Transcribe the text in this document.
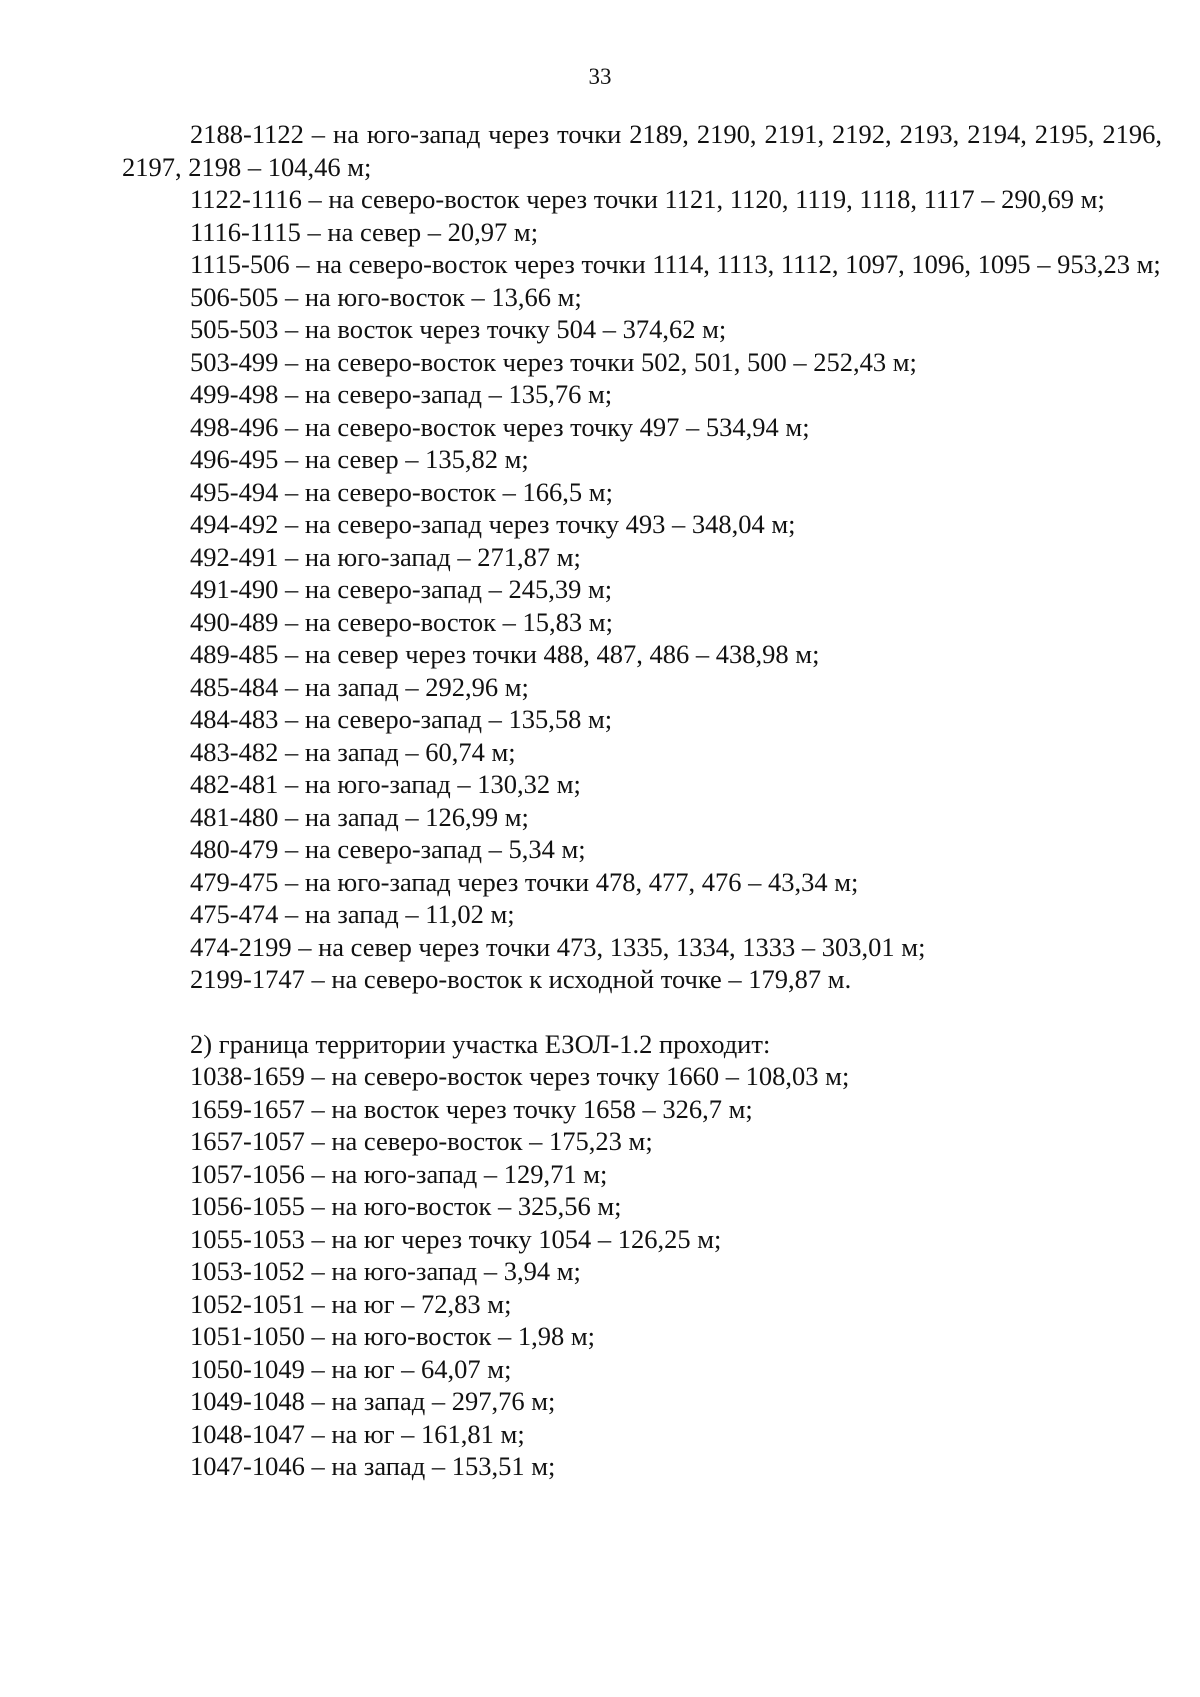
33

2188-1122 – на юго-запад через точки 2189, 2190, 2191, 2192, 2193, 2194, 2195, 2196, 2197, 2198 – 104,46 м;

1122-1116 – на северо-восток через точки 1121, 1120, 1119, 1118, 1117 – 290,69 м;

1116-1115 – на север – 20,97 м;

1115-506 – на северо-восток через точки 1114, 1113, 1112, 1097, 1096, 1095 – 953,23 м;

506-505 – на юго-восток – 13,66 м;
505-503 – на восток через точку 504 – 374,62 м;
503-499 – на северо-восток через точки 502, 501, 500 – 252,43 м;
499-498 – на северо-запад – 135,76 м;
498-496 – на северо-восток через точку 497 – 534,94 м;
496-495 – на север – 135,82 м;
495-494 – на северо-восток – 166,5 м;
494-492 – на северо-запад через точку 493 – 348,04 м;
492-491 – на юго-запад – 271,87 м;
491-490 – на северо-запад – 245,39 м;
490-489 – на северо-восток – 15,83 м;
489-485 – на север через точки 488, 487, 486 – 438,98 м;
485-484 – на запад – 292,96 м;
484-483 – на северо-запад – 135,58 м;
483-482 – на запад – 60,74 м;
482-481 – на юго-запад – 130,32 м;
481-480 – на запад – 126,99 м;
480-479 – на северо-запад – 5,34 м;
479-475 – на юго-запад через точки 478, 477, 476 – 43,34 м;
475-474 – на запад – 11,02 м;
474-2199 – на север через точки 473, 1335, 1334, 1333 – 303,01 м;
2199-1747 – на северо-восток к исходной точке – 179,87 м.
2) граница территории участка ЕЗОЛ-1.2 проходит:
1038-1659 – на северо-восток через точку 1660 – 108,03 м;
1659-1657 – на восток через точку 1658 – 326,7 м;
1657-1057 – на северо-восток – 175,23 м;
1057-1056 – на юго-запад – 129,71 м;
1056-1055 – на юго-восток – 325,56 м;
1055-1053 – на юг через точку 1054 – 126,25 м;
1053-1052 – на юго-запад – 3,94 м;
1052-1051 – на юг – 72,83 м;
1051-1050 – на юго-восток – 1,98 м;
1050-1049 – на юг – 64,07 м;
1049-1048 – на запад – 297,76 м;
1048-1047 – на юг – 161,81 м;
1047-1046 – на запад – 153,51 м;
